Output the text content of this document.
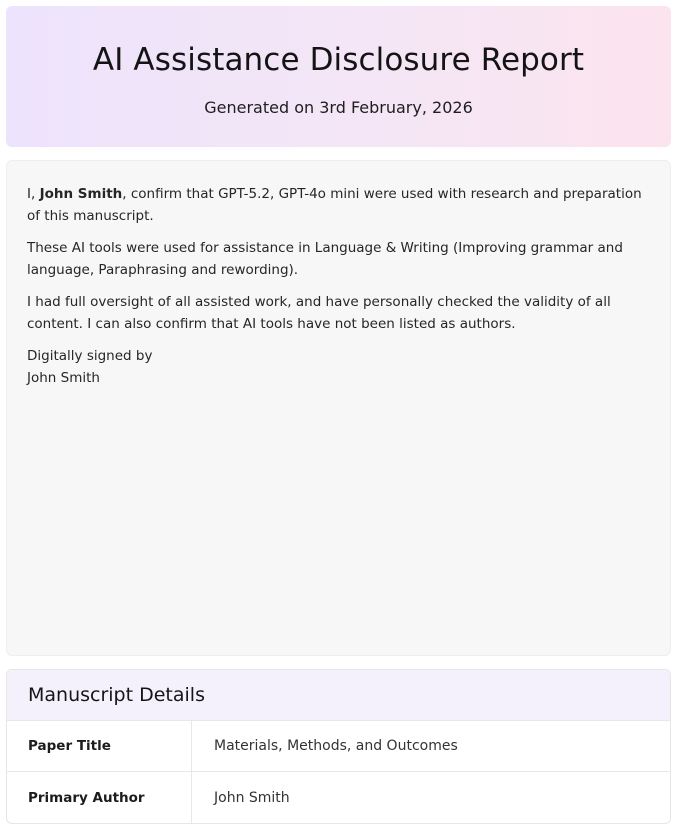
AI Assistance Disclosure Report
Generated on 3rd February, 2026

I, John Smith, confirm that GPT-5.2, GPT-4o mini were used with research and preparation of this manuscript.

These AI tools were used for assistance in Language & Writing (Improving grammar and language, Paraphrasing and rewording).

I had full oversight of all assisted work, and have personally checked the validity of all content. I can also confirm that AI tools have not been listed as authors.

Digitally signed by
John Smith
Manuscript Details
Paper Title	Materials, Methods, and Outcomes
Primary Author	John Smith
